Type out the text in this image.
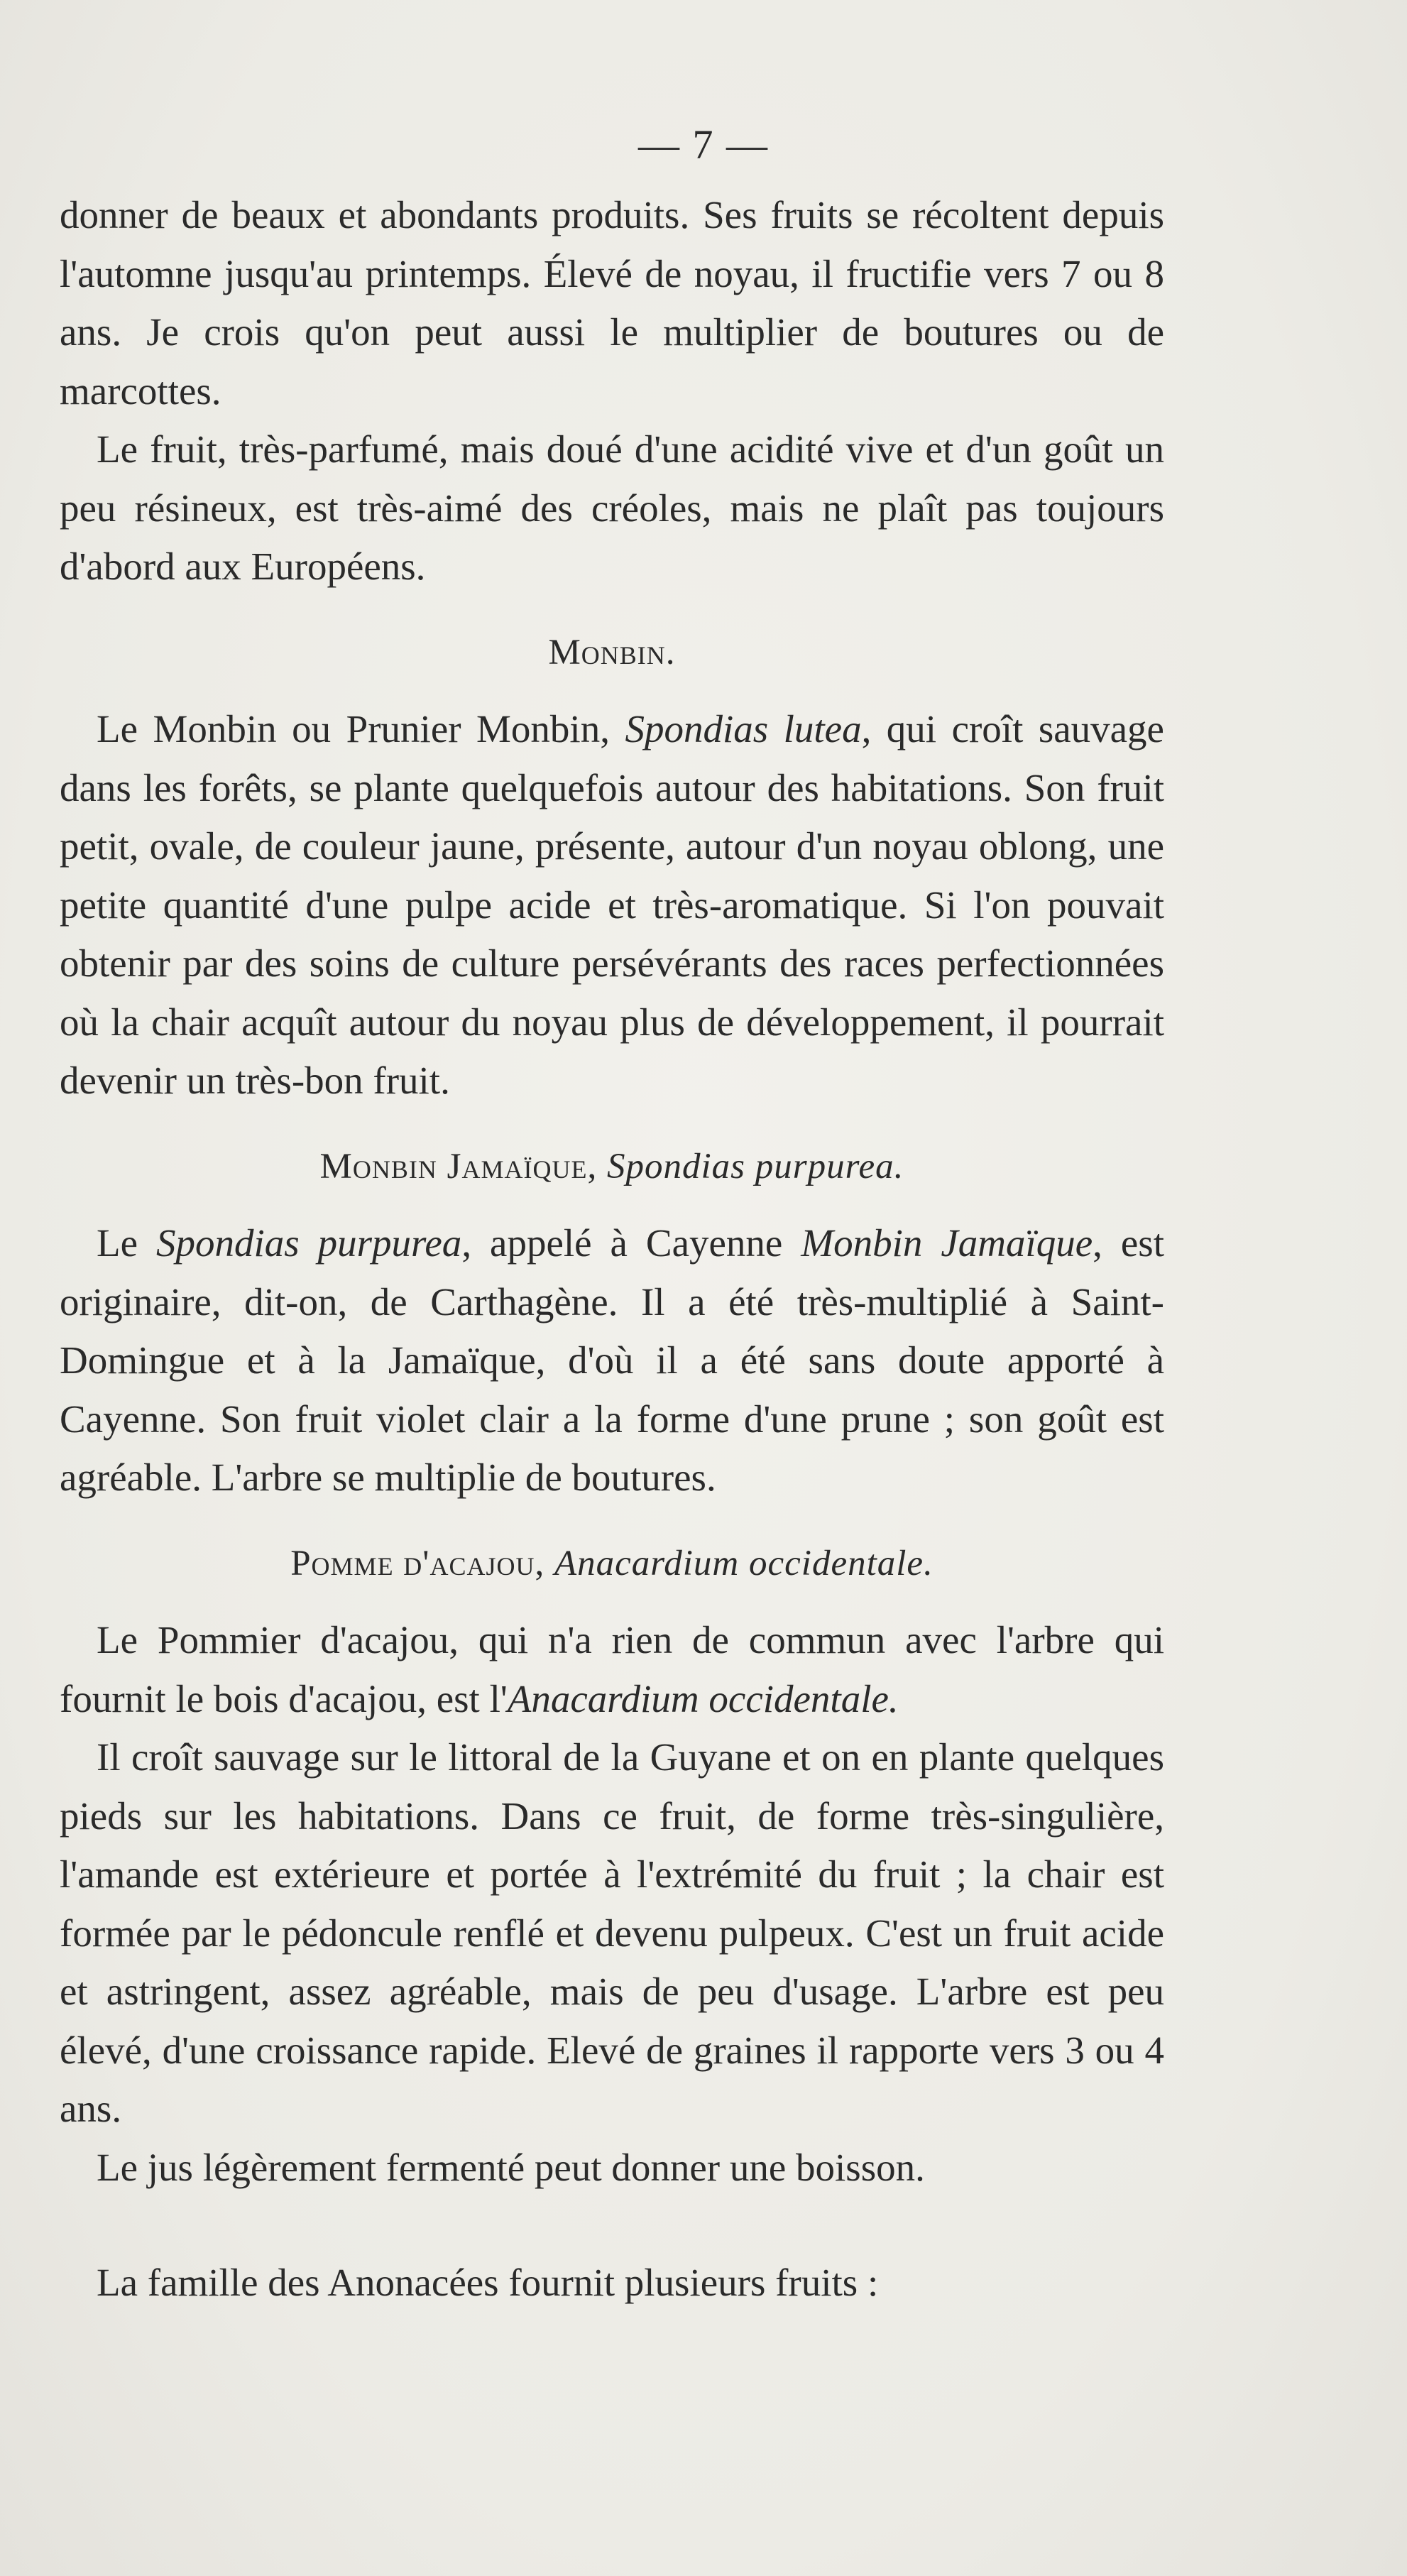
— 7 —

donner de beaux et abondants produits. Ses fruits se récoltent depuis l'automne jusqu'au printemps. Élevé de noyau, il fructifie vers 7 ou 8 ans. Je crois qu'on peut aussi le multiplier de boutures ou de marcottes.

Le fruit, très-parfumé, mais doué d'une acidité vive et d'un goût un peu résineux, est très-aimé des créoles, mais ne plaît pas toujours d'abord aux Européens.

Monbin.

Le Monbin ou Prunier Monbin, Spondias lutea, qui croît sauvage dans les forêts, se plante quelquefois autour des habitations. Son fruit petit, ovale, de couleur jaune, présente, autour d'un noyau oblong, une petite quantité d'une pulpe acide et très-aromatique. Si l'on pouvait obtenir par des soins de culture persévérants des races perfectionnées où la chair acquît autour du noyau plus de développement, il pourrait devenir un très-bon fruit.

Monbin Jamaïque, Spondias purpurea.

Le Spondias purpurea, appelé à Cayenne Monbin Jamaïque, est originaire, dit-on, de Carthagène. Il a été très-multiplié à Saint-Domingue et à la Jamaïque, d'où il a été sans doute apporté à Cayenne. Son fruit violet clair a la forme d'une prune ; son goût est agréable. L'arbre se multiplie de boutures.

Pomme d'acajou, Anacardium occidentale.

Le Pommier d'acajou, qui n'a rien de commun avec l'arbre qui fournit le bois d'acajou, est l'Anacardium occidentale.

Il croît sauvage sur le littoral de la Guyane et on en plante quelques pieds sur les habitations. Dans ce fruit, de forme très-singulière, l'amande est extérieure et portée à l'extrémité du fruit ; la chair est formée par le pédoncule renflé et devenu pulpeux. C'est un fruit acide et astringent, assez agréable, mais de peu d'usage. L'arbre est peu élevé, d'une croissance rapide. Elevé de graines il rapporte vers 3 ou 4 ans.

Le jus légèrement fermenté peut donner une boisson.

La famille des Anonacées fournit plusieurs fruits :
